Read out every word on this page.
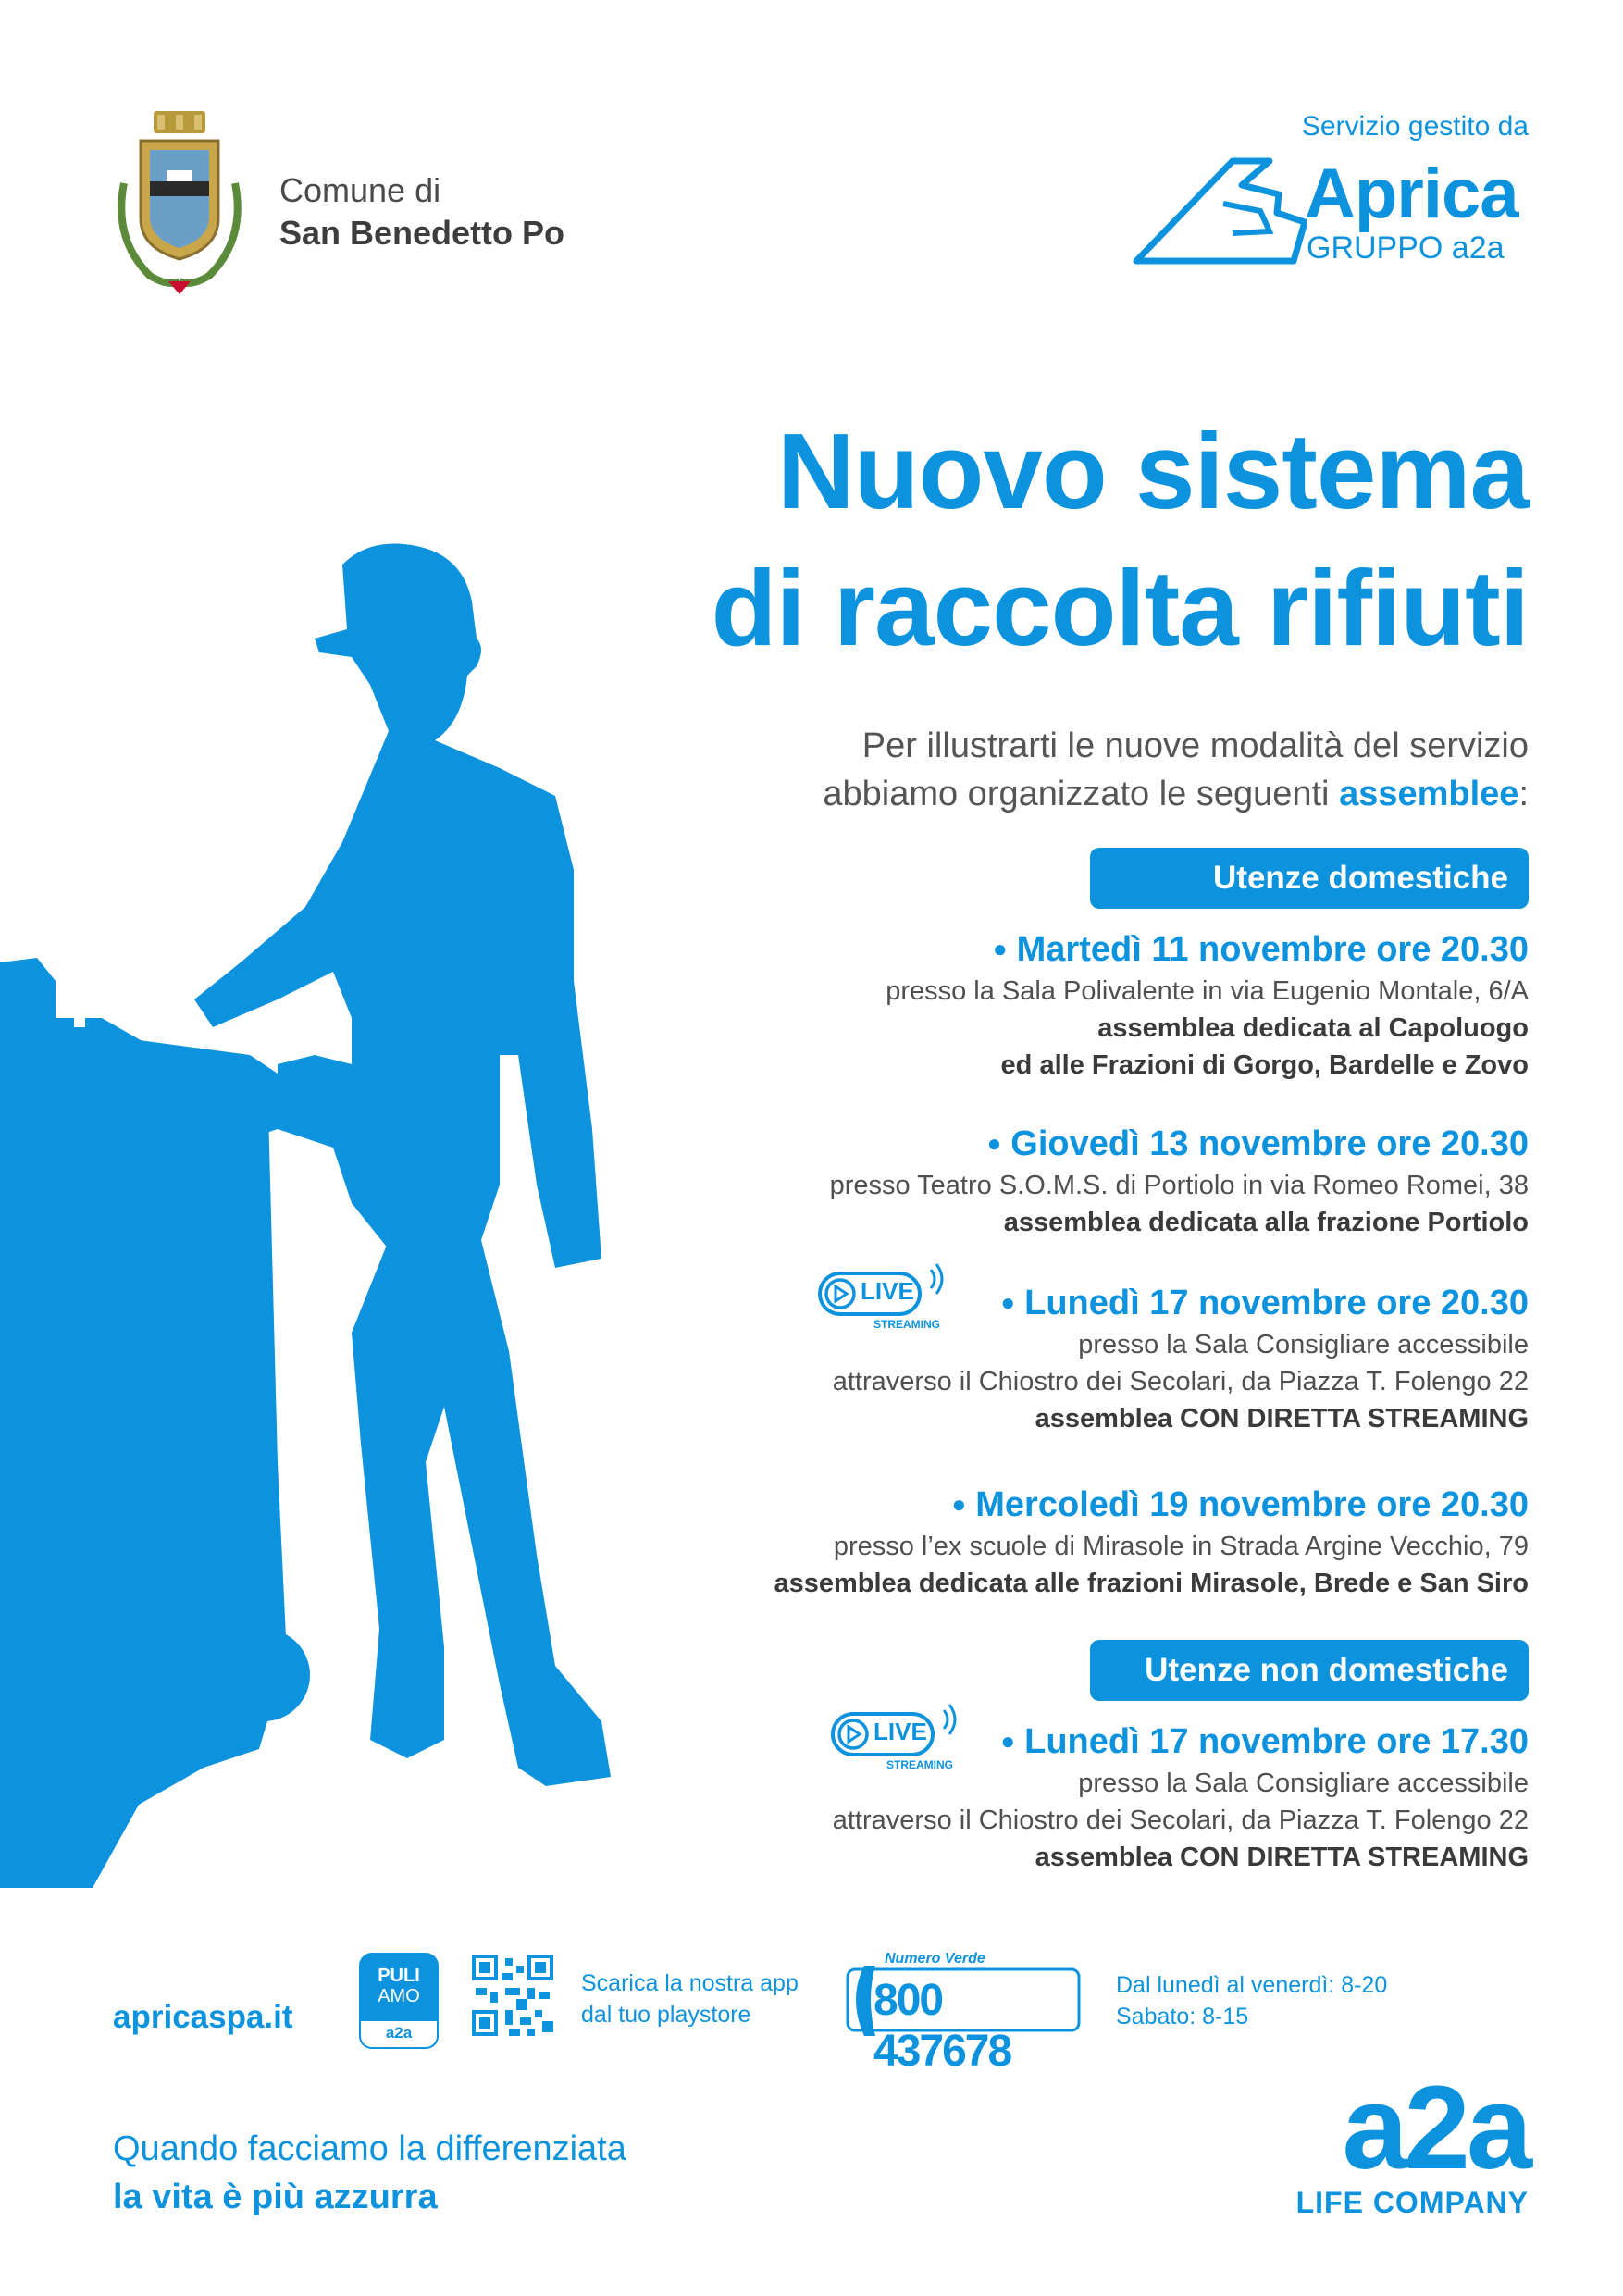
Comune di
San Benedetto Po
Servizio gestito da
Aprica
GRUPPO a2a
Nuovo sistema
di raccolta rifiuti
Per illustrarti le nuove modalità del servizio
abbiamo organizzato le seguenti assemblee:
Utenze domestiche
● Martedì 11 novembre ore 20.30
presso la Sala Polivalente in via Eugenio Montale, 6/A
assemblea dedicata al Capoluogo
ed alle Frazioni di Gorgo, Bardelle e Zovo
● Giovedì 13 novembre ore 20.30
presso Teatro S.O.M.S. di Portiolo in via Romeo Romei, 38
assemblea dedicata alla frazione Portiolo
LIVE
STREAMING
● Lunedì 17 novembre ore 20.30
presso la Sala Consigliare accessibile
attraverso il Chiostro dei Secolari, da Piazza T. Folengo 22
assemblea CON DIRETTA STREAMING
● Mercoledì 19 novembre ore 20.30
presso l’ex scuole di Mirasole in Strada Argine Vecchio, 79
assemblea dedicata alle frazioni Mirasole, Brede e San Siro
Utenze non domestiche
LIVE
STREAMING
● Lunedì 17 novembre ore 17.30
presso la Sala Consigliare accessibile
attraverso il Chiostro dei Secolari, da Piazza T. Folengo 22
assemblea CON DIRETTA STREAMING
apricaspa.it
PULI
AMO
a2a
Scarica la nostra app
dal tuo playstore
Numero Verde
800 437678
Dal lunedì al venerdì: 8-20
Sabato: 8-15
Quando facciamo la differenziata
la vita è più azzurra
a2a
LIFE COMPANY
